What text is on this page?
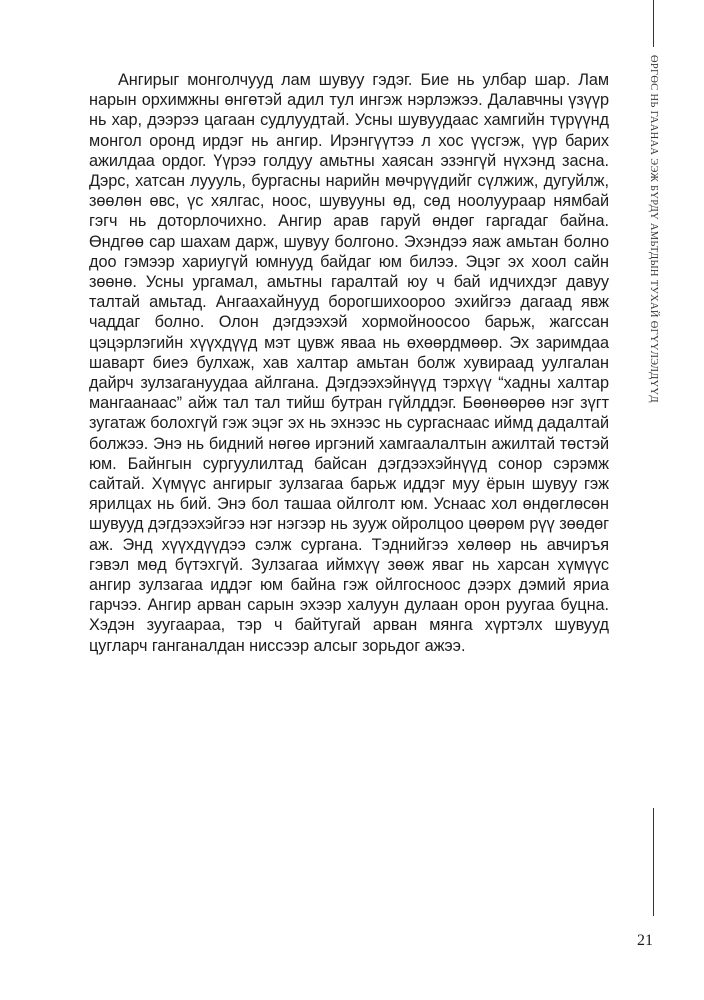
ӨРГӨС НЬ ГААНАА ЭЭЖ БҮРДҮ АМЬТДЫН ТУХАЙ ӨГҮҮЛЭЛДҮҮД

Ангирыг монголчууд лам шувуу гэдэг. Бие нь улбар шар. Лам нарын орхимжны өнгөтэй адил тул ингэж нэрлэжээ. Далавчны үзүүр нь хар, дээрээ цагаан судлуудтай. Усны шувуудаас хамгийн түрүүнд монгол оронд ирдэг нь ангир. Ирэнгүүтээ л хос үүсгэж, үүр барих ажилдаа ордог. Үүрээ голдуу амьтны хаясан эзэнгүй нүхэнд засна. Дэрс, хатсан луууль, бургасны нарийн мөчрүүдийг сүлжиж, дугуйлж, зөөлөн өвс, үс хялгас, ноос, шувууны өд, сөд ноолуураар нямбай гэгч нь доторлочихно. Ангир арав гаруй өндөг гаргадаг байна. Өндгөө сар шахам дарж, шувуу болгоно. Эхэндээ яаж амьтан болно доо гэмээр хариугүй юмнууд байдаг юм билээ. Эцэг эх хоол сайн зөөнө. Усны ургамал, амьтны гаралтай юу ч бай идчихдэг давуу талтай амьтад. Ангаахайнууд борогшихоороо эхийгээ дагаад явж чаддаг болно. Олон дэгдээхэй хормойноосоо барьж, жагссан цэцэрлэгийн хүүхдүүд мэт цувж яваа нь өхөөрдмөөр. Эх заримдаа шаварт биеэ булхаж, хав халтар амьтан болж хувираад уулгалан дайрч зулзагануудаа айлгана. Дэгдээхэйнүүд тэрхүү “хадны халтар мангаанаас” айж тал тал тийш бутран гүйлддэг. Бөөнөөрөө нэг зүгт зугатаж болохгүй гэж эцэг эх нь эхнээс нь сургаснаас иймд дадалтай болжээ. Энэ нь бидний нөгөө иргэний хамгаалалтын ажилтай төстэй юм. Байнгын сургуулилтад байсан дэгдээхэйнүүд сонор сэрэмж сайтай. Хүмүүс ангирыг зулзагаа барьж иддэг муу ёрын шувуу гэж ярилцах нь бий. Энэ бол ташаа ойлголт юм. Уснаас хол өндөглөсөн шувууд дэгдээхэйгээ нэг нэгээр нь зууж ойролцоо цөөрөм рүү зөөдөг аж. Энд хүүхдүүдээ сэлж сургана. Тэднийгээ хөлөөр нь авчиръя гэвэл мөд бүтэхгүй. Зулзагаа иймхүү зөөж яваг нь харсан хүмүүс ангир зулзагаа иддэг юм байна гэж ойлгосноос дээрх дэмий яриа гарчээ. Ангир арван сарын эхээр халуун дулаан орон руугаа буцна. Хэдэн зуугаараа, тэр ч байтугай арван мянга хүртэлх шувууд цугларч ганганалдан ниссээр алсыг зорьдог ажээ.

21
